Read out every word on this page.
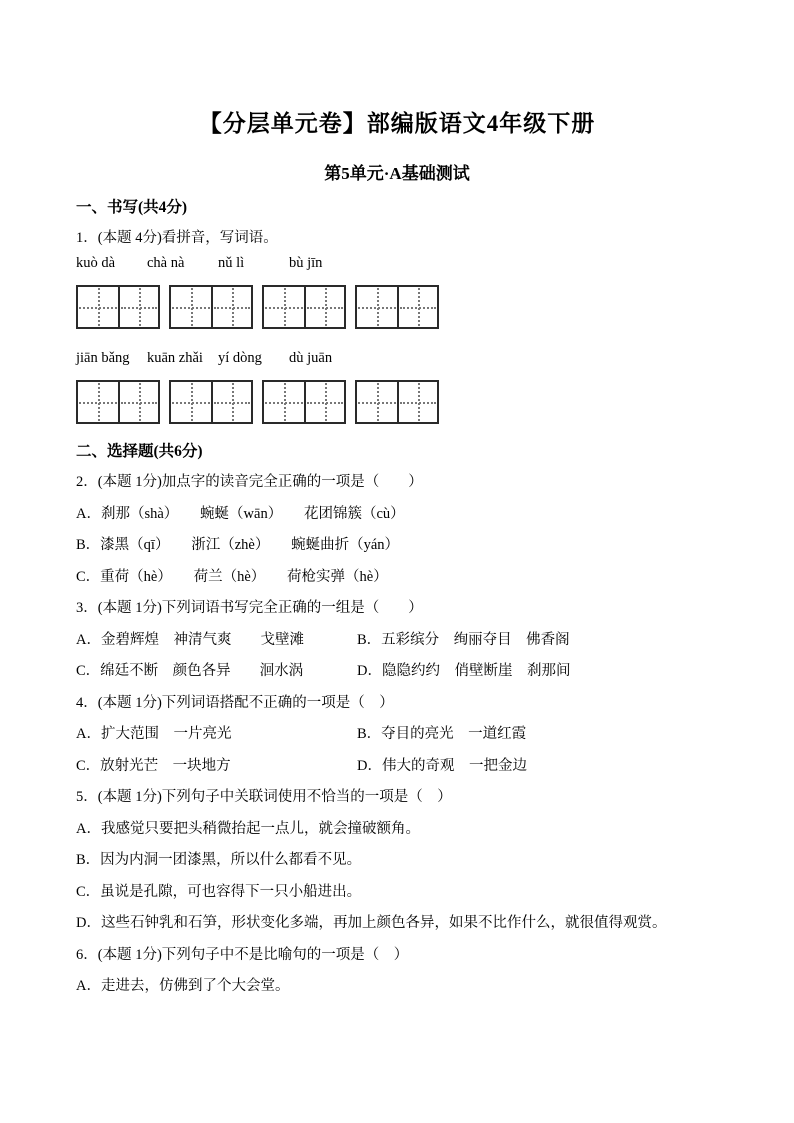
【分层单元卷】部编版语文4年级下册
第5单元·A基础测试
一、书写(共4分)
1．(本题 4分)看拼音，写词语。
kuò dà	chà nà	nǔ lì	bù jīn
jiān bǎng	kuān zhǎi	yí dòng	dù juān
二、选择题(共6分)
2．(本题 1分)加点字的读音完全正确的一项是（　　）
A．刹那（shà）　　蜿蜒（wān）　　花团锦簇（cù）
B．漆黑（qī）　　浙江（zhè）　　蜿蜒曲折（yán）
C．重荷（hè）　　荷兰（hè）　　荷枪实弹（hè）
3．(本题 1分)下列词语书写完全正确的一组是（　　）
A．金碧辉煌　神清气爽　　戈壁滩	B．五彩缤分　绚丽夺目　佛香阁
C．绵廷不断　颜色各异　　洄水涡	D．隐隐约约　俏壁断崖　刹那间
4．(本题 1分)下列词语搭配不正确的一项是（　）
A．扩大范围　一片亮光	B．夺目的亮光　一道红霞
C．放射光芒　一块地方	D．伟大的奇观　一把金边
5．(本题 1分)下列句子中关联词使用不恰当的一项是（　）
A．我感觉只要把头稍微抬起一点儿，就会撞破额角。
B．因为内洞一团漆黑，所以什么都看不见。
C．虽说是孔隙，可也容得下一只小船进出。
D．这些石钟乳和石笋，形状变化多端，再加上颜色各异，如果不比作什么，就很值得观赏。
6．(本题 1分)下列句子中不是比喻句的一项是（　）
A．走进去，仿佛到了个大会堂。
